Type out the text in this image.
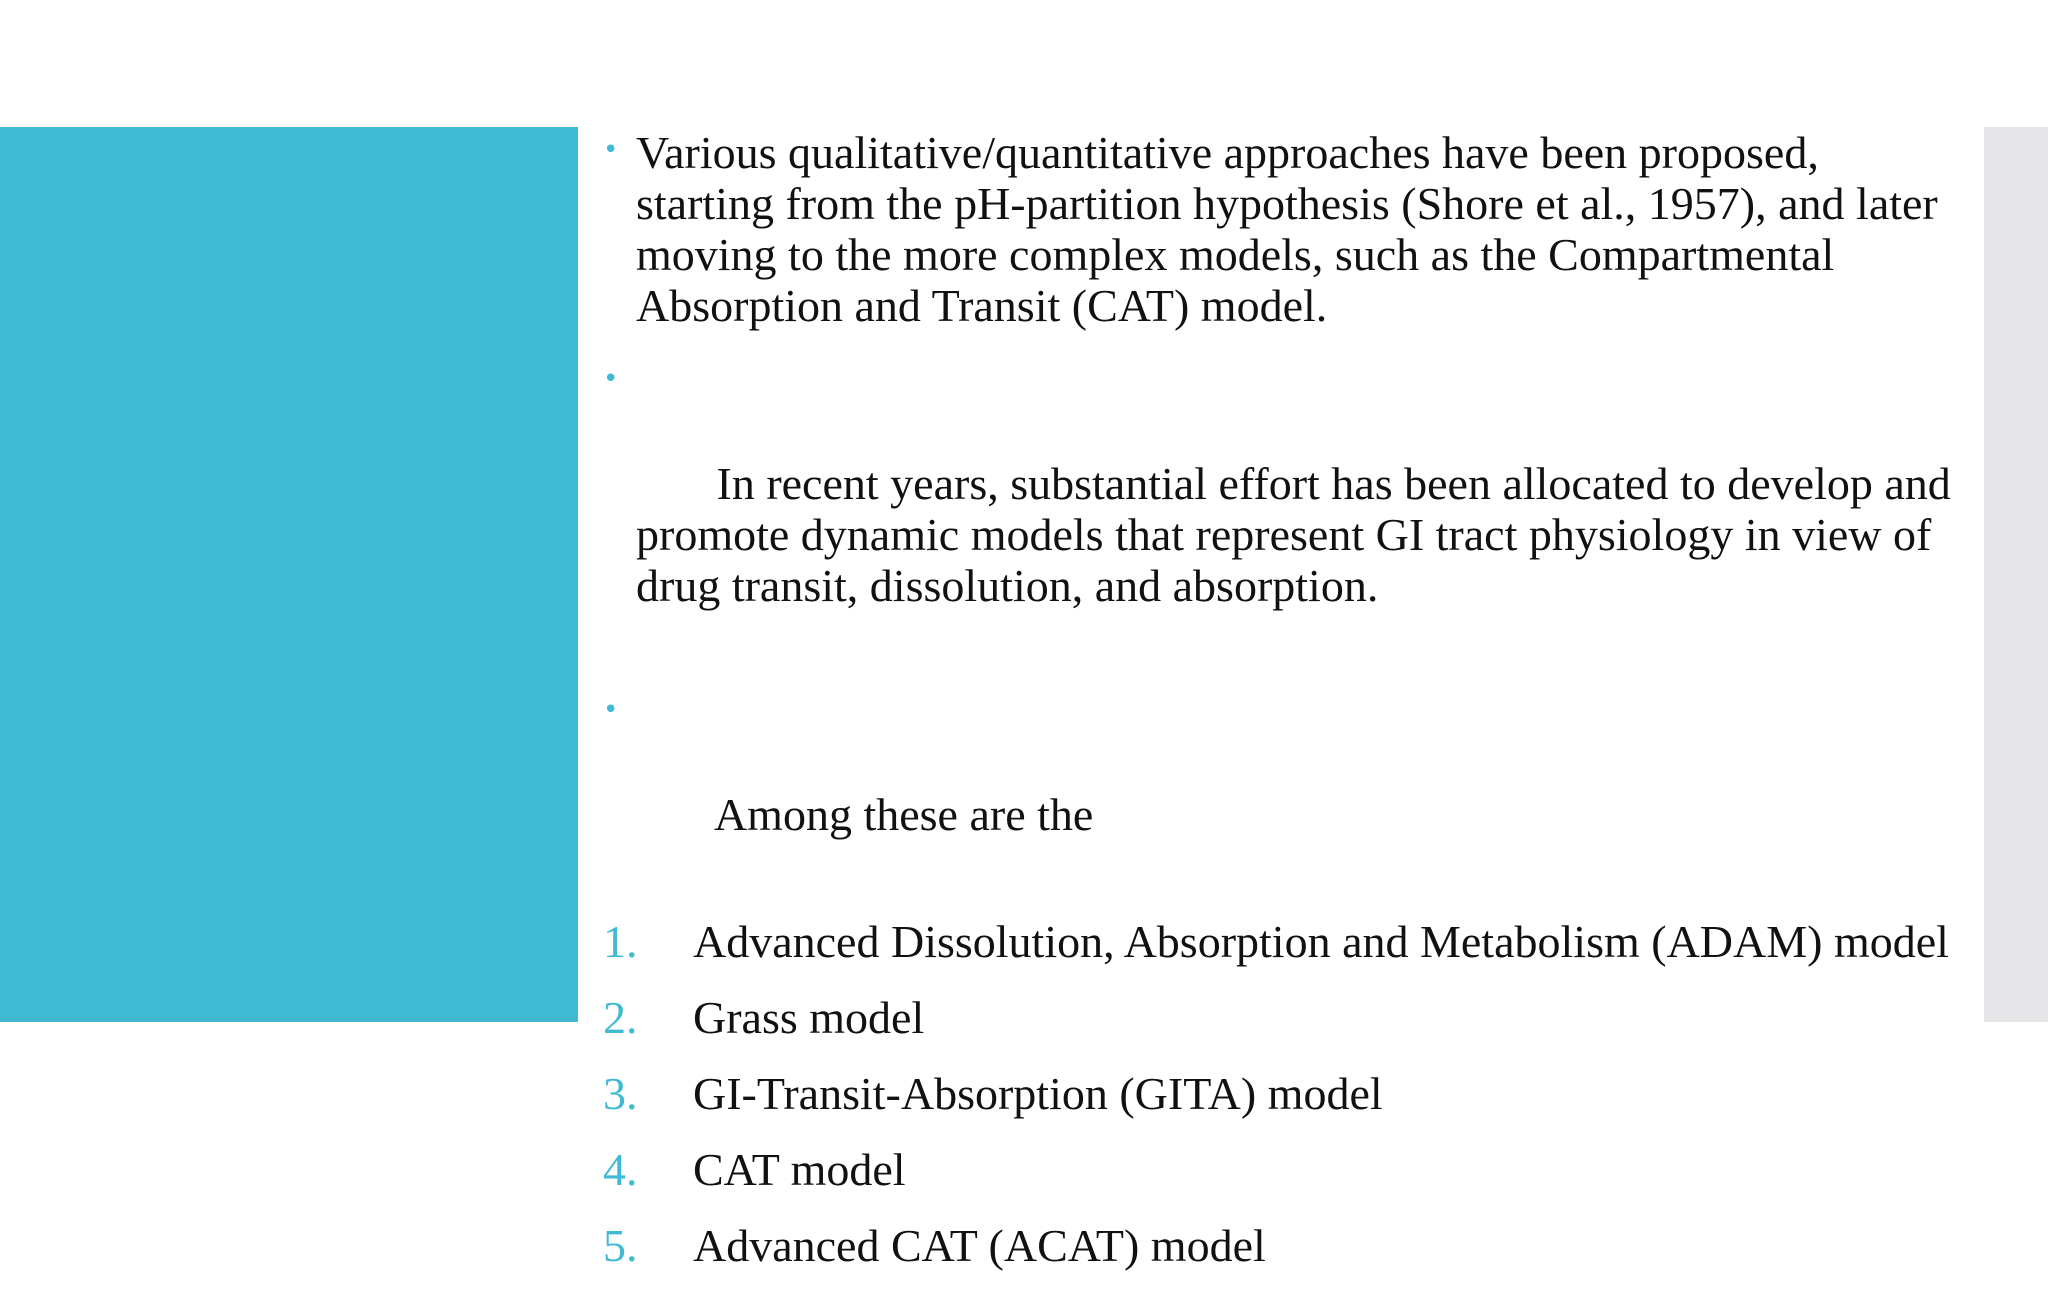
• Various qualitative/quantitative approaches have been proposed, starting from the pH-partition hypothesis (Shore et al., 1957), and later moving to the more complex models, such as the Compartmental Absorption and Transit (CAT) model.

•

In recent years, substantial effort has been allocated to develop and promote dynamic models that represent GI tract physiology in view of drug transit, dissolution, and absorption.

•

Among these are the

1.	Advanced Dissolution, Absorption and Metabolism (ADAM) model
2.	Grass model
3.	GI-Transit-Absorption (GITA) model
4.	CAT model
5.	Advanced CAT (ACAT) model
